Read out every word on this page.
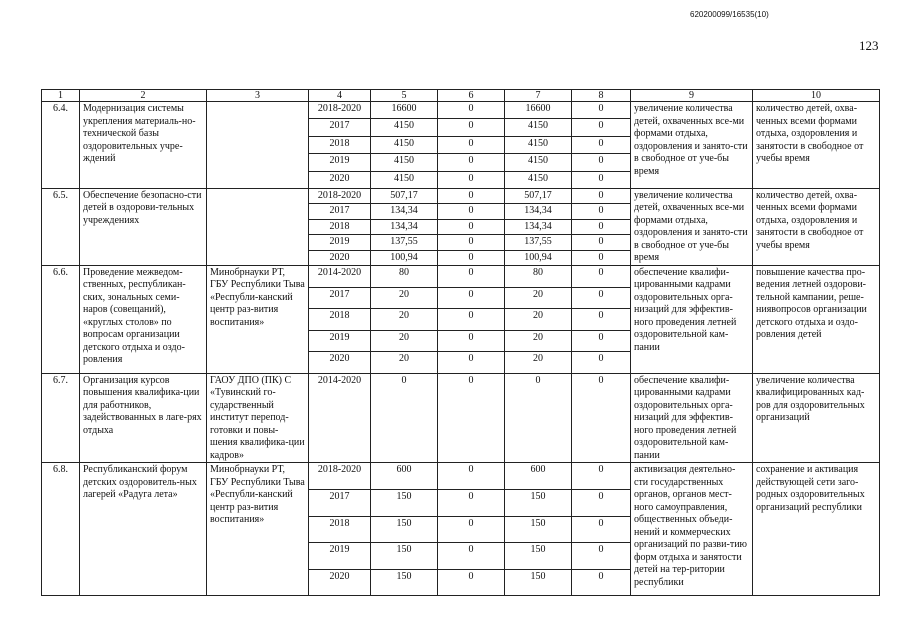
620200099/16535(10)
123
1	2	3	4	5	6	7	8	9	10
6.4.	Модернизация системы укрепления материаль-но-технической базы оздоровительных учре-ждений		2018-2020	16600	0	16600	0	увеличение количества детей, охваченных все-ми формами отдыха, оздоровления и занято-сти в свободное от уче-бы время	количество детей, охва-ченных всеми формами отдыха, оздоровления и занятости в свободное от учебы время
			2017	4150	0	4150	0		
			2018	4150	0	4150	0		
			2019	4150	0	4150	0		
			2020	4150	0	4150	0		
6.5.	Обеспечение безопасно-сти детей в оздорови-тельных учреждениях		2018-2020	507,17	0	507,17	0	увеличение количества детей, охваченных все-ми формами отдыха, оздоровления и занято-сти в свободное от уче-бы время	количество детей, охва-ченных всеми формами отдыха, оздоровления и занятости в свободное от учебы время
			2017	134,34	0	134,34	0		
			2018	134,34	0	134,34	0		
			2019	137,55	0	137,55	0		
			2020	100,94	0	100,94	0		
6.6.	Проведение межведом-ственных, республикан-ских, зональных семи-наров (совещаний), «круглых столов» по вопросам организации детского отдыха и оздо-ровления	Минобрнауки РТ, ГБУ Республики Тыва «Республи-канский центр раз-вития воспитания»	2014-2020	80	0	80	0	обеспечение квалифи-цированными кадрами оздоровительных орга-низаций для эффектив-ного проведения летней оздоровительной кам-пании	повышение качества про-ведения летней оздорови-тельной кампании, реше-ниявопросов организации детского отдыха и оздо-ровления детей
			2017	20	0	20	0		
			2018	20	0	20	0		
			2019	20	0	20	0		
			2020	20	0	20	0		
6.7.	Организация курсов повышения квалифика-ции для работников, задействованных в лаге-рях отдыха	ГАОУ ДПО (ПК) С «Тувинский го-сударственный институт перепод-готовки и повы-шения квалифика-ции кадров»	2014-2020	0	0	0	0	обеспечение квалифи-цированными кадрами оздоровительных орга-низаций для эффектив-ного проведения летней оздоровительной кам-пании	увеличение количества квалифицированных кад-ров для оздоровительных организаций
6.8.	Республиканский форум детских оздоровитель-ных лагерей «Радуга лета»	Минобрнауки РТ, ГБУ Республики Тыва «Республи-канский центр раз-вития воспитания»	2018-2020	600	0	600	0	активизация деятельно-сти государственных органов, органов мест-ного самоуправления, общественных объеди-нений и коммерческих организаций по разви-тию форм отдыха и занятости детей на тер-ритории республики	сохранение и активация действующей сети заго-родных оздоровительных организаций республики
			2017	150	0	150	0		
			2018	150	0	150	0		
			2019	150	0	150	0		
			2020	150	0	150	0		
